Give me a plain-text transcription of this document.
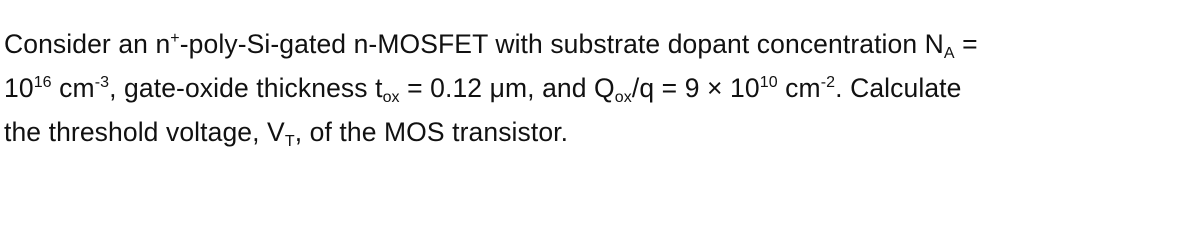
Consider an n+-poly-Si-gated n-MOSFET with substrate dopant concentration NA =
$10^{16}$ $cm^{-3}$, gate-oxide thickness tox = 0.12 μm, and $Qox/q = 9 \times 10^{10}$ $cm^{-2}$. Calculate
the threshold voltage, VT, of the MOS transistor.
